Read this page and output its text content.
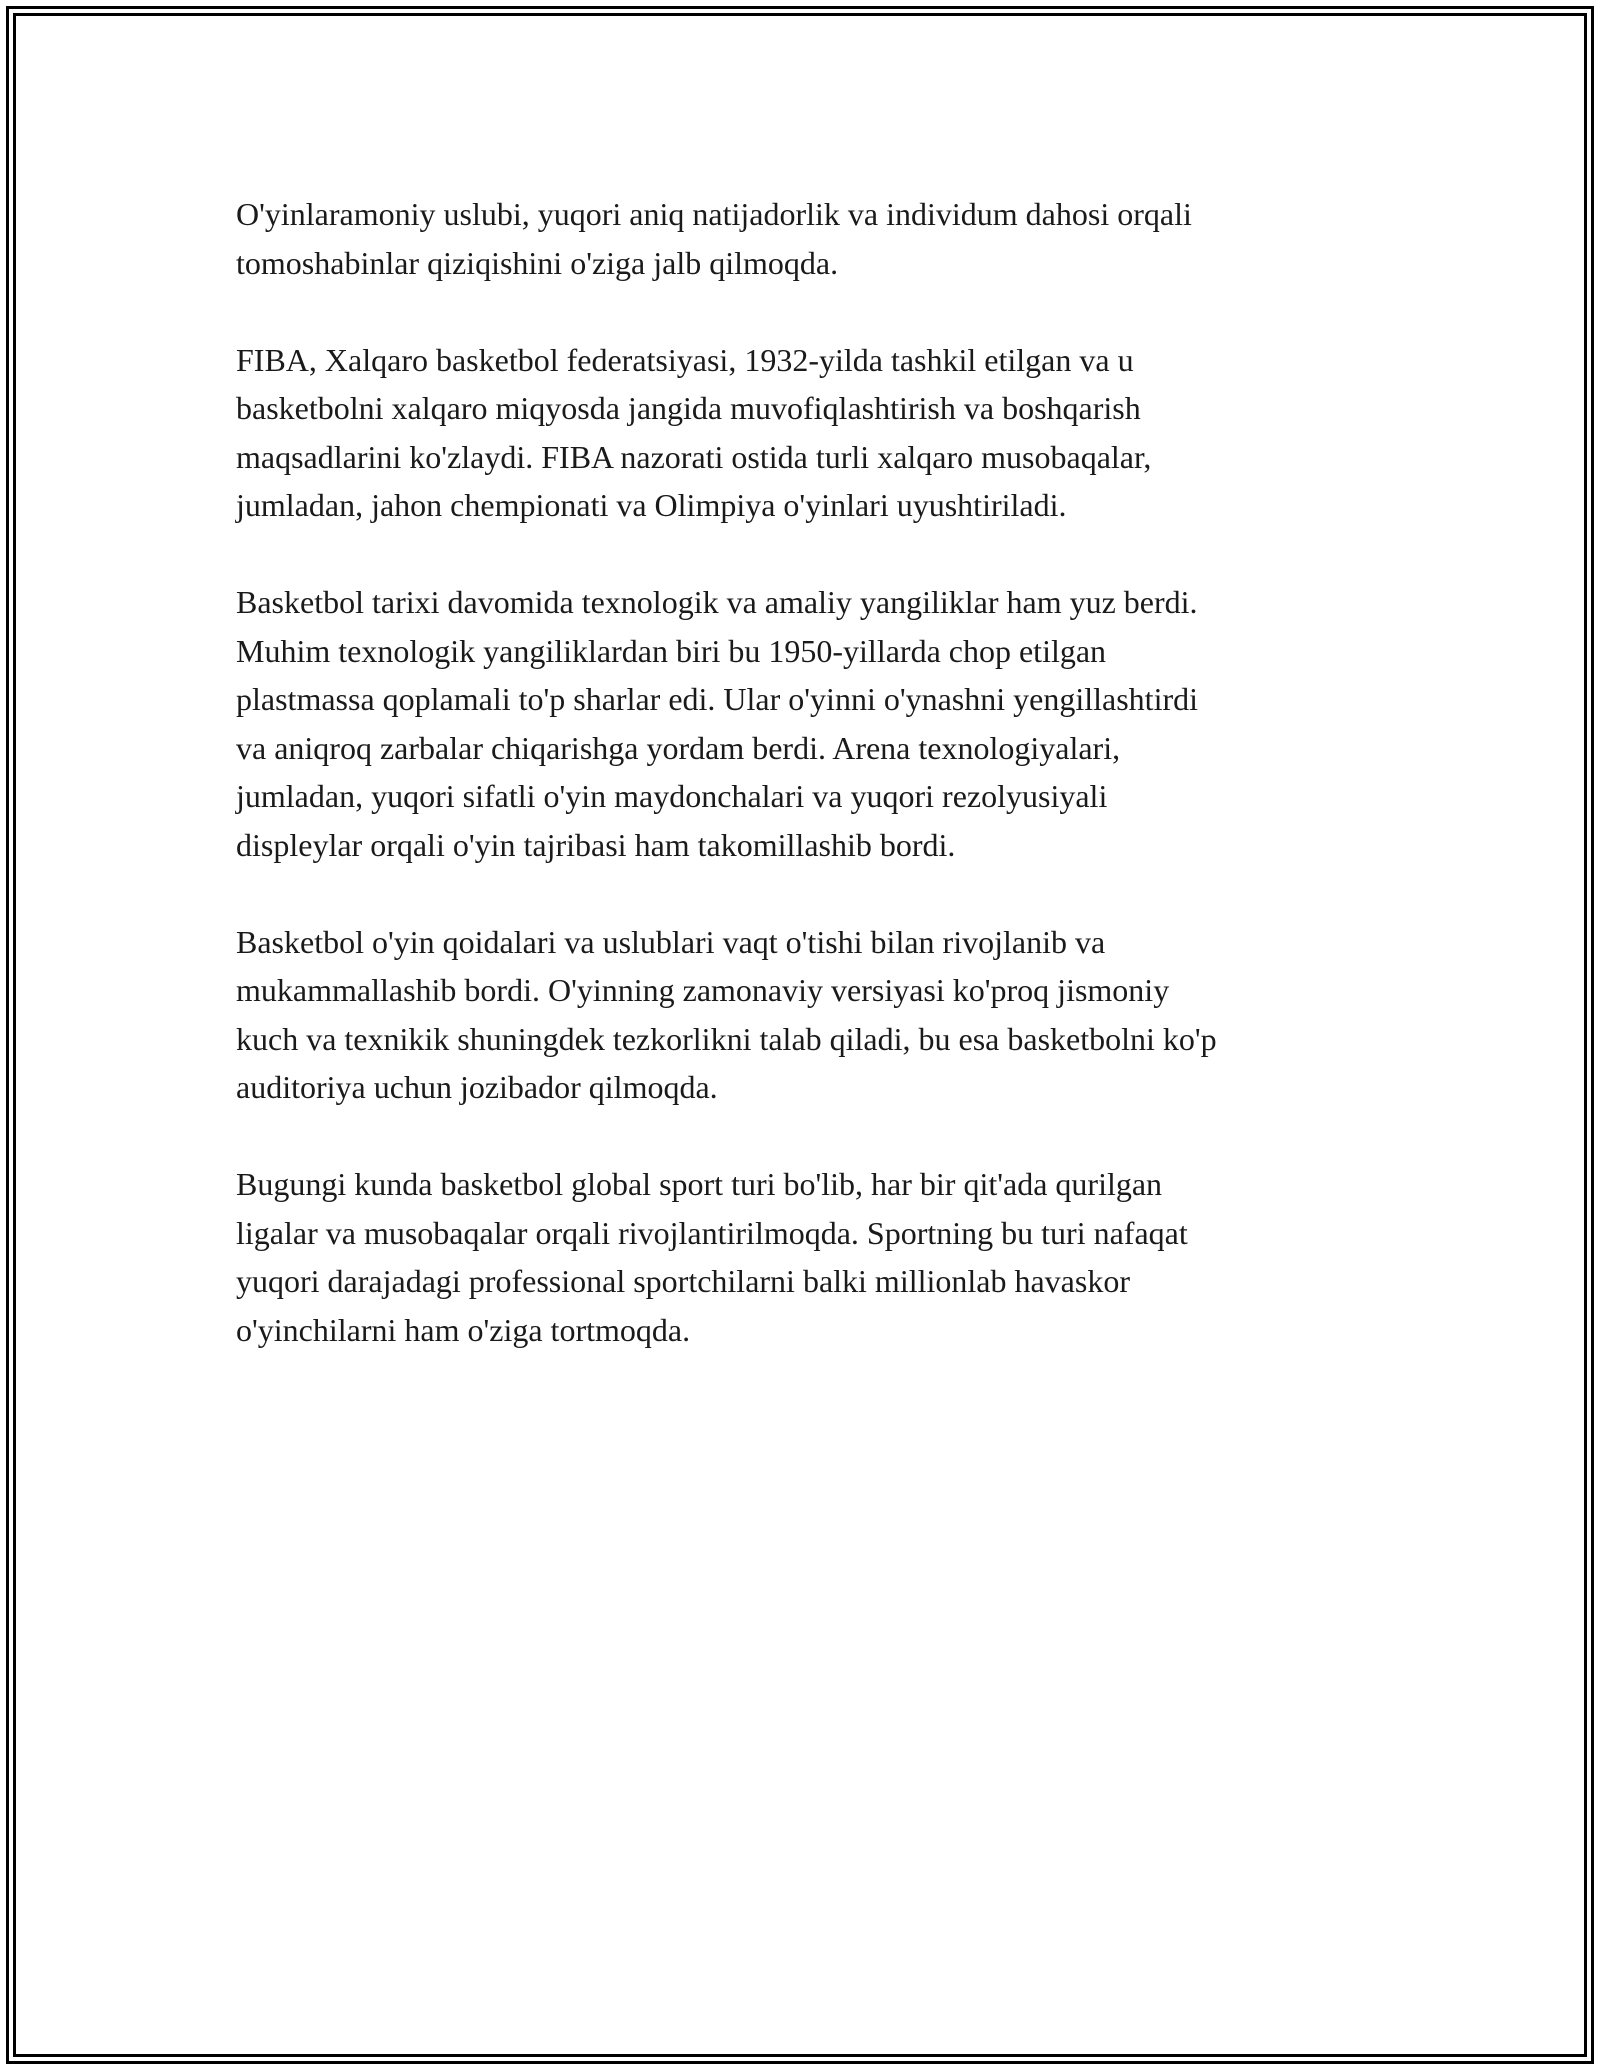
O'yinlaramoniy uslubi, yuqori aniq natijadorlik va individum dahosi orqali
tomoshabinlar qiziqishini o'ziga jalb qilmoqda.

FIBA, Xalqaro basketbol federatsiyasi, 1932-yilda tashkil etilgan va u
basketbolni xalqaro miqyosda jangida muvofiqlashtirish va boshqarish
maqsadlarini ko'zlaydi. FIBA nazorati ostida turli xalqaro musobaqalar,
jumladan, jahon chempionati va Olimpiya o'yinlari uyushtiriladi.

Basketbol tarixi davomida texnologik va amaliy yangiliklar ham yuz berdi.
Muhim texnologik yangiliklardan biri bu 1950-yillarda chop etilgan
plastmassa qoplamali to'p sharlar edi. Ular o'yinni o'ynashni yengillashtirdi
va aniqroq zarbalar chiqarishga yordam berdi. Arena texnologiyalari,
jumladan, yuqori sifatli o'yin maydonchalari va yuqori rezolyusiyali
displeylar orqali o'yin tajribasi ham takomillashib bordi.

Basketbol o'yin qoidalari va uslublari vaqt o'tishi bilan rivojlanib va
mukammallashib bordi. O'yinning zamonaviy versiyasi ko'proq jismoniy
kuch va texnikik shuningdek tezkorlikni talab qiladi, bu esa basketbolni ko'p
auditoriya uchun jozibador qilmoqda.

Bugungi kunda basketbol global sport turi bo'lib, har bir qit'ada qurilgan
ligalar va musobaqalar orqali rivojlantirilmoqda. Sportning bu turi nafaqat
yuqori darajadagi professional sportchilarni balki millionlab havaskor
o'yinchilarni ham o'ziga tortmoqda.
